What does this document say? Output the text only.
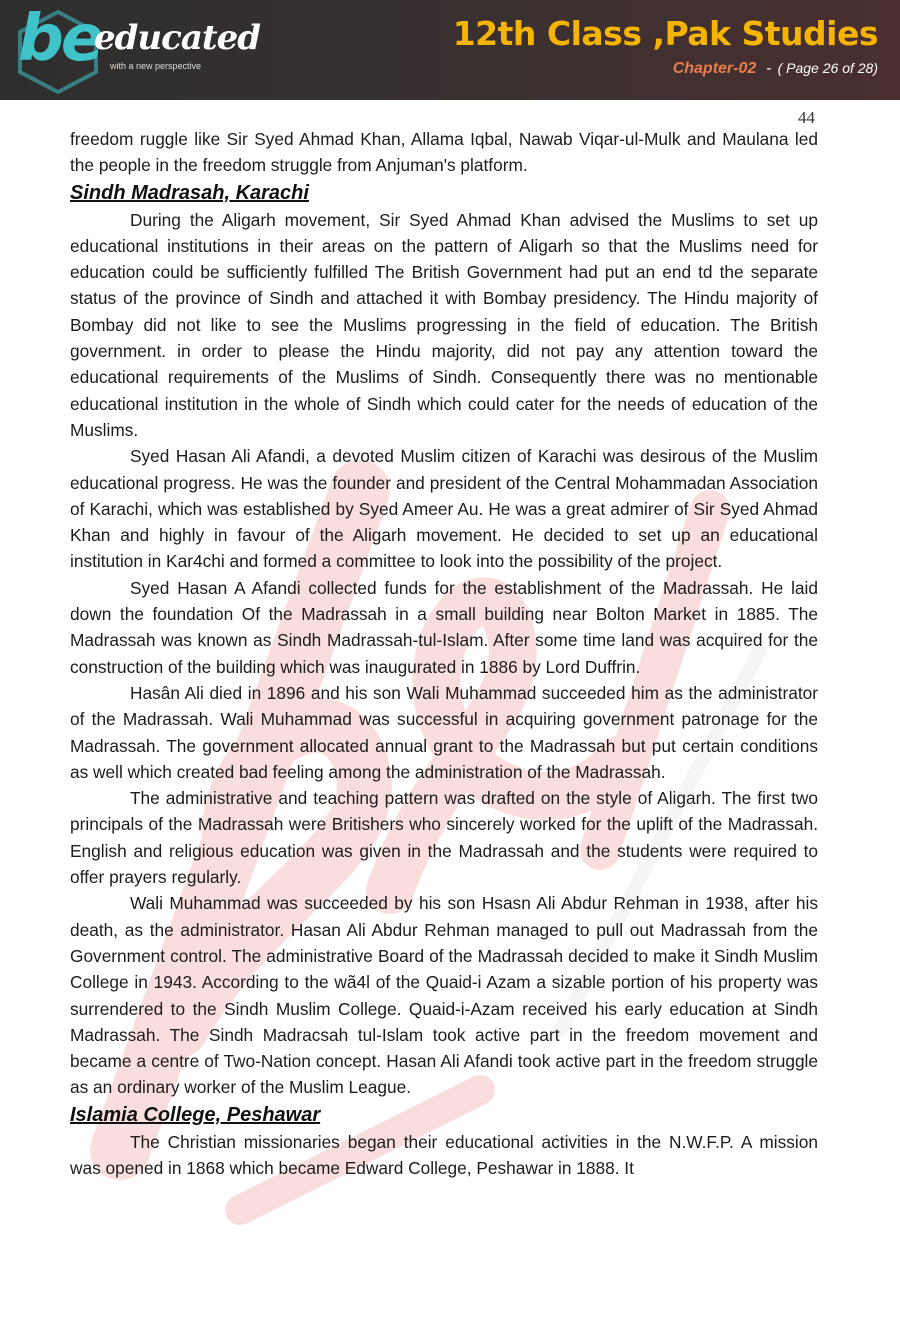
be
educated
with a new perspective
12th Class ,Pak Studies
Chapter-02 - ( Page 26 of 28)
44

freedom ruggle like Sir Syed Ahmad Khan, Allama Iqbal, Nawab Viqar-ul-Mulk and Maulana led the people in the freedom struggle from Anjuman's platform.

Sindh Madrasah, Karachi

During the Aligarh movement, Sir Syed Ahmad Khan advised the Muslims to set up educational institutions in their areas on the pattern of Aligarh so that the Muslims need for education could be sufficiently fulfilled The British Government had put an end td the separate status of the province of Sindh and attached it with Bombay presidency. The Hindu majority of Bombay did not like to see the Muslims progressing in the field of education. The British government. in order to please the Hindu majority, did not pay any attention toward the educational requirements of the Muslims of Sindh. Consequently there was no mentionable educational institution in the whole of Sindh which could cater for the needs of education of the Muslims.

Syed Hasan Ali Afandi, a devoted Muslim citizen of Karachi was desirous of the Muslim educational progress. He was the founder and president of the Central Mohammadan Association of Karachi, which was established by Syed Ameer Au. He was a great admirer of Sir Syed Ahmad Khan and highly in favour of the Aligarh movement. He decided to set up an educational institution in Kar4chi and formed a committee to look into the possibility of the project.

Syed Hasan A Afandi collected funds for the establishment of the Madrassah. He laid down the foundation Of the Madrassah in a small building near Bolton Market in 1885. The Madrassah was known as Sindh Madrassah-tul-Islam. After some time land was acquired for the construction of the building which was inaugurated in 1886 by Lord Duffrin.

Hasân Ali died in 1896 and his son Wali Muhammad succeeded him as the administrator of the Madrassah. Wali Muhammad was successful in acquiring government patronage for the Madrassah. The government allocated annual grant to the Madrassah but put certain conditions as well which created bad feeling among the administration of the Madrassah.

The administrative and teaching pattern was drafted on the style of Aligarh. The first two principals of the Madrassah were Britishers who sincerely worked for the uplift of the Madrassah. English and religious education was given in the Madrassah and the students were required to offer prayers regularly.

Wali Muhammad was succeeded by his son Hsasn Ali Abdur Rehman in 1938, after his death, as the administrator. Hasan Ali Abdur Rehman managed to pull out Madrassah from the Government control. The administrative Board of the Madrassah decided to make it Sindh Muslim College in 1943. According to the wã4l of the Quaid-i Azam a sizable portion of his property was surrendered to the Sindh Muslim College. Quaid-i-Azam received his early education at Sindh Madrassah. The Sindh Madracsah tul-Islam took active part in the freedom movement and became a centre of Two-Nation concept. Hasan Ali Afandi took active part in the freedom struggle as an ordinary worker of the Muslim League.

Islamia College, Peshawar

The Christian missionaries began their educational activities in the N.W.F.P. A mission was opened in 1868 which became Edward College, Peshawar in 1888. It
